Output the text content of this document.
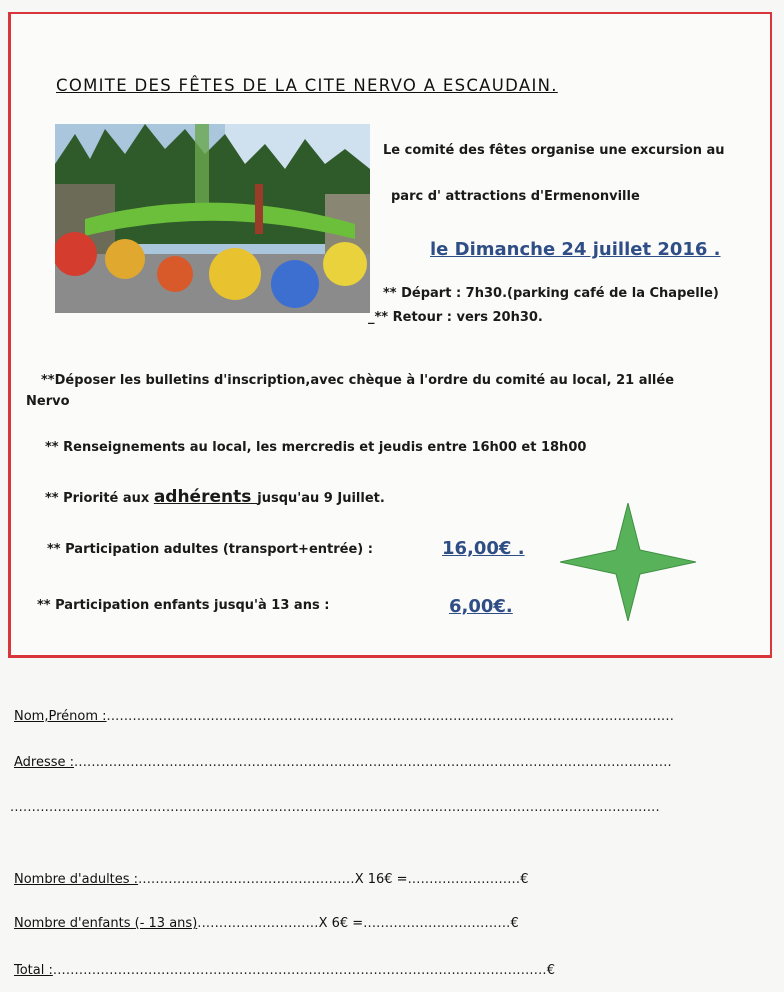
COMITE DES FÊTES DE LA CITE NERVO A ESCAUDAIN.
Le comité des fêtes organise une excursion au
parc d' attractions d'Ermenonville
le Dimanche 24 juillet 2016 .
** Départ : 7h30.(parking café de la Chapelle)
_** Retour : vers 20h30.
**Déposer les bulletins d'inscription,avec chèque à l'ordre du comité au local, 21 allée
Nervo
** Renseignements au local, les mercredis et jeudis entre 16h00 et 18h00
** Priorité aux adhérents jusqu'au 9 Juillet.
** Participation adultes (transport+entrée) :	16,00€ .
** Participation enfants jusqu'à 13 ans :	6,00€.
Nom,Prénom :...................................................................................................................................
Adresse :..........................................................................................................................................
......................................................................................................................................................
Nombre d'adultes :..................................................X 16€ =..........................€
Nombre d'enfants (- 13 ans)............................X 6€ =..................................€
Total :..................................................................................................................€
